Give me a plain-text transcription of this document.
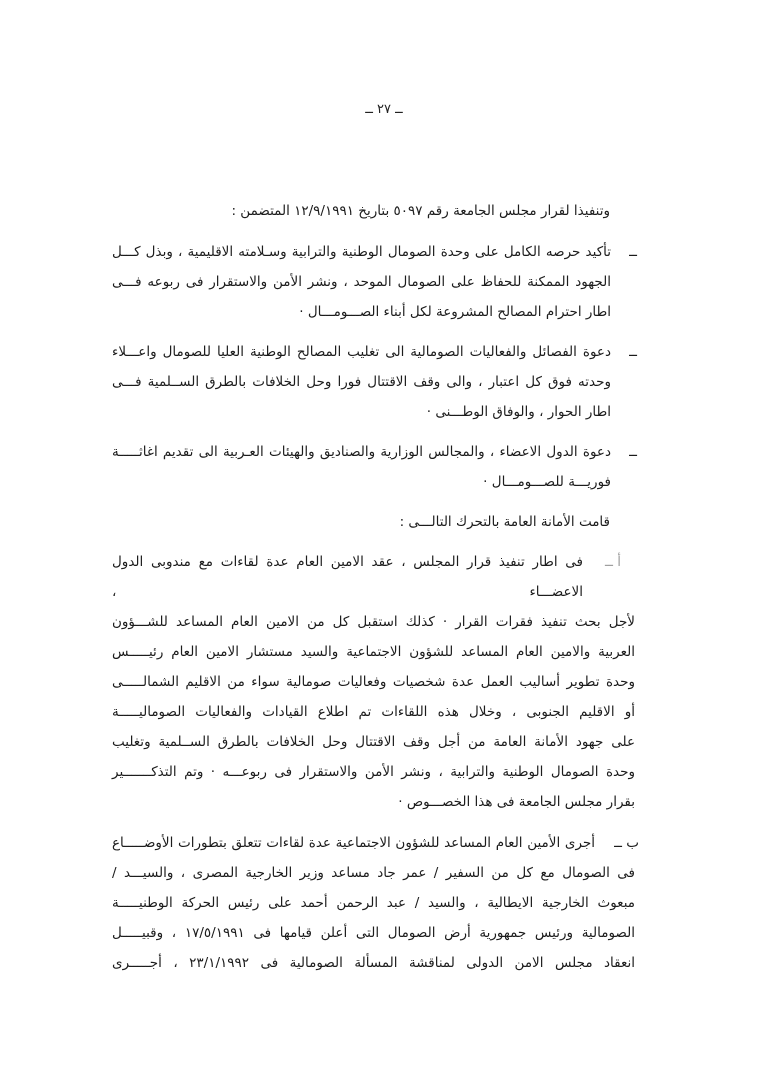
ــ ٢٧ ــ
وتنفيذا لقرار مجلس الجامعة رقم ٥٠٩٧ بتاريخ ١٢/٩/١٩٩١ المتضمن :
ــ
تأكيد حرصه الكامل على وحدة الصومال الوطنية والترابية وسـلامته الاقليمية ، وبذل كـــل
الجهود الممكنة للحفاظ على الصومال الموحد ، ونشر الأمن والاستقرار فى ربوعه فـــى
اطار احترام المصالح المشروعة لكل أبناء الصـــومـــال ·
ــ
دعوة الفصائل والفعاليات الصومالية الى تغليب المصالح الوطنية العليا للصومال واعـــلاء
وحدته فوق كل اعتبار ، والى وقف الاقتتال فورا وحل الخلافات بالطرق الســلمية فـــى
اطار الحوار ، والوفاق الوطـــنى ·
ــ
دعوة الدول الاعضاء ، والمجالس الوزارية والصناديق والهيئات العـربية الى تقديم اغاثـــــة
فوريـــة للصـــومـــال ·
قامت الأمانة العامة بالتحرك التالـــى :
أ ــ
فى اطار تنفيذ قرار المجلس ، عقد الامين العام عدة لقاءات مع مندوبى الدول الاعضـــاء ،
لأجل بحث تنفيذ فقرات القرار · كذلك استقبل كل من الامين العام المساعد للشـــؤون
العربية والامين العام المساعد للشؤون الاجتماعية والسيد مستشار الامين العام رئيـــــس
وحدة تطوير أساليب العمل عدة شخصيات وفعاليات صومالية سواء من الاقليم الشمالـــــى
أو الاقليم الجنوبى ، وخلال هذه اللقاءات تم اطلاع القيادات والفعاليات الصوماليـــــة
على جهود الأمانة العامة من أجل وقف الاقتتال وحل الخلافات بالطرق الســلمية وتغليب
وحدة الصومال الوطنية والترابية ، ونشر الأمن والاستقرار فى ربوعـــه · وتم التذكـــــــير
بقرار مجلس الجامعة فى هذا الخصـــوص ·
ب ــ
أجرى الأمين العام المساعد للشؤون الاجتماعية عدة لقاءات تتعلق بتطورات الأوضـــــاع
فى الصومال مع كل من السفير / عمر جاد مساعد وزير الخارجية المصرى ، والسيـــد /
مبعوث الخارجية الايطالية ، والسيد / عبد الرحمن أحمد على رئيس الحركة الوطنيـــــة
الصومالية ورئيس جمهورية أرض الصومال التى أعلن قيامها فى ١٧/٥/١٩٩١ ، وقبيـــــل
انعقاد مجلس الامن الدولى لمناقشة المسألة الصومالية فى ٢٣/١/١٩٩٢ ، أجـــــرى
